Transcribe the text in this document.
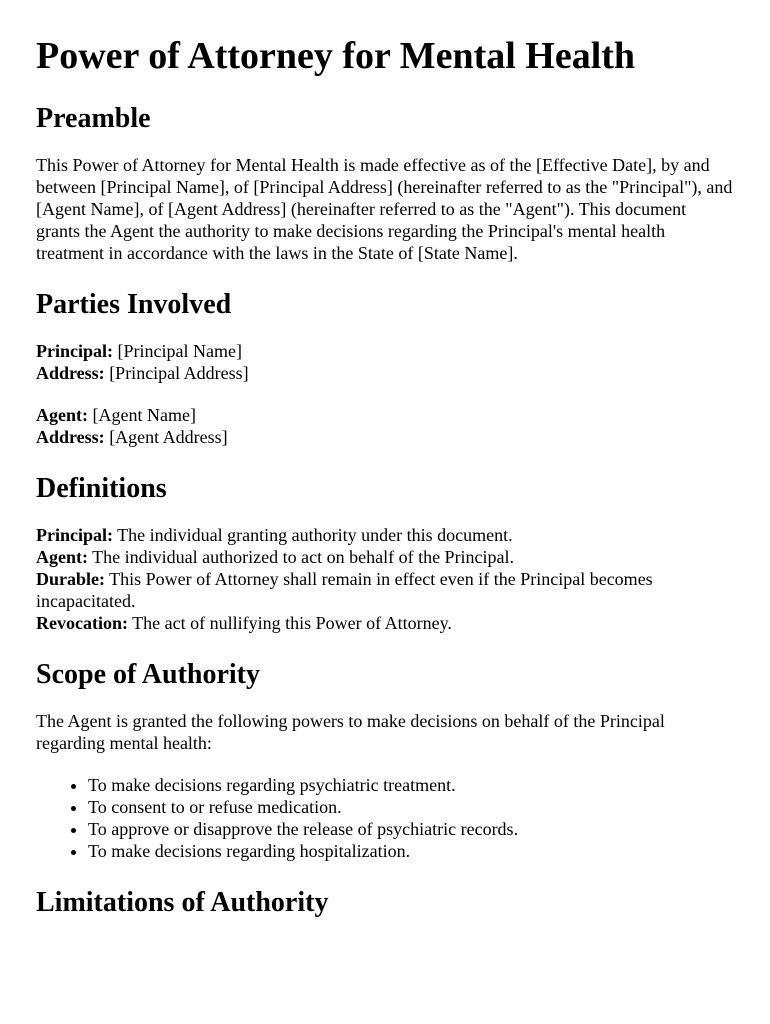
Power of Attorney for Mental Health
Preamble

This Power of Attorney for Mental Health is made effective as of the [Effective Date], by and between [Principal Name], of [Principal Address] (hereinafter referred to as the "Principal"), and [Agent Name], of [Agent Address] (hereinafter referred to as the "Agent"). This document grants the Agent the authority to make decisions regarding the Principal's mental health treatment in accordance with the laws in the State of [State Name].

Parties Involved
Principal: [Principal Name]
Address: [Principal Address]
Agent: [Agent Name]
Address: [Agent Address]
Definitions
Principal: The individual granting authority under this document.
Agent: The individual authorized to act on behalf of the Principal.
Durable: This Power of Attorney shall remain in effect even if the Principal becomes incapacitated.
Revocation: The act of nullifying this Power of Attorney.
Scope of Authority

The Agent is granted the following powers to make decisions on behalf of the Principal regarding mental health:

• To make decisions regarding psychiatric treatment.
• To consent to or refuse medication.
• To approve or disapprove the release of psychiatric records.
• To make decisions regarding hospitalization.
Limitations of Authority
